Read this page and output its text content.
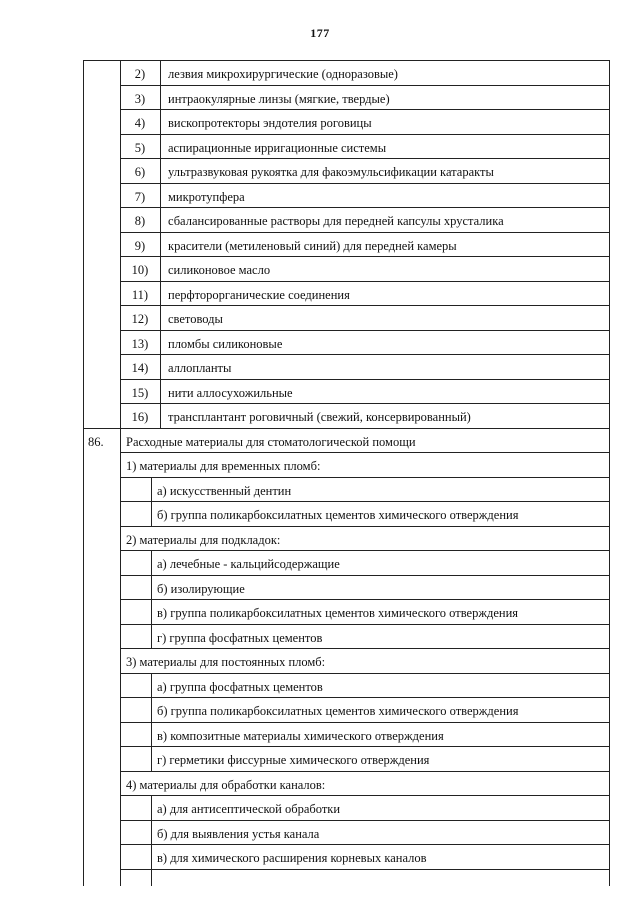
177
2)	лезвия микрохирургические (одноразовые)
3)	интраокулярные линзы (мягкие, твердые)
4)	вископротекторы эндотелия роговицы
5)	аспирационные ирригационные системы
6)	ультразвуковая рукоятка для факоэмульсификации катаракты
7)	микротупфера
8)	сбалансированные растворы для передней капсулы хрусталика
9)	красители (метиленовый синий) для передней камеры
10)	силиконовое масло
11)	перфторорганические соединения
12)	световоды
13)	пломбы силиконовые
14)	аллопланты
15)	нити аллосухожильные
16)	трансплантант роговичный (свежий, консервированный)
86.	Расходные материалы для стоматологической помощи
1) материалы для временных пломб:
а) искусственный дентин
б) группа поликарбоксилатных цементов химического отверждения
2) материалы для подкладок:
а) лечебные - кальцийсодержащие
б) изолирующие
в) группа поликарбоксилатных цементов химического отверждения
г) группа фосфатных цементов
3) материалы для постоянных пломб:
а) группа фосфатных цементов
б) группа поликарбоксилатных цементов химического отверждения
в) композитные материалы химического отверждения
г) герметики фиссурные химического отверждения
4) материалы для обработки каналов:
а) для антисептической обработки
б) для выявления устья канала
в) для химического расширения корневых каналов
